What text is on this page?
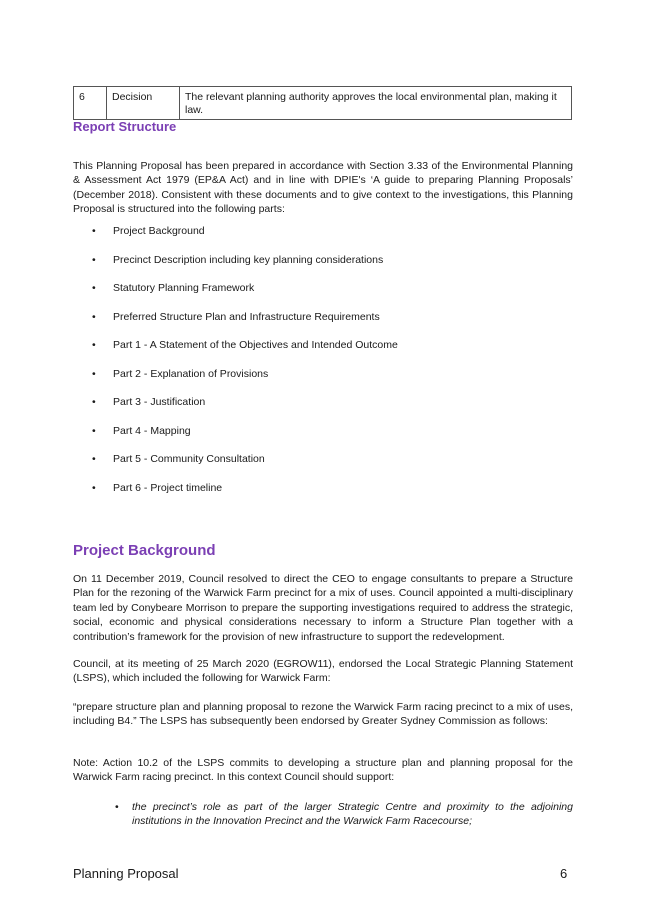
6	Decision	The relevant planning authority approves the local environmental plan, making it law.
Report Structure
This Planning Proposal has been prepared in accordance with Section 3.33 of the Environmental Planning & Assessment Act 1979 (EP&A Act) and in line with DPIE's ‘A guide to preparing Planning Proposals’ (December 2018). Consistent with these documents and to give context to the investigations, this Planning Proposal is structured into the following parts:
• Project Background
• Precinct Description including key planning considerations
• Statutory Planning Framework
• Preferred Structure Plan and Infrastructure Requirements
• Part 1 - A Statement of the Objectives and Intended Outcome
• Part 2 - Explanation of Provisions
• Part 3 - Justification
• Part 4 - Mapping
• Part 5 - Community Consultation
• Part 6 - Project timeline
Project Background
On 11 December 2019, Council resolved to direct the CEO to engage consultants to prepare a Structure Plan for the rezoning of the Warwick Farm precinct for a mix of uses. Council appointed a multi-disciplinary team led by Conybeare Morrison to prepare the supporting investigations required to address the strategic, social, economic and physical considerations necessary to inform a Structure Plan together with a contribution’s framework for the provision of new infrastructure to support the redevelopment.
Council, at its meeting of 25 March 2020 (EGROW11), endorsed the Local Strategic Planning Statement (LSPS), which included the following for Warwick Farm:
“prepare structure plan and planning proposal to rezone the Warwick Farm racing precinct to a mix of uses, including B4.” The LSPS has subsequently been endorsed by Greater Sydney Commission as follows:
Note: Action 10.2 of the LSPS commits to developing a structure plan and planning proposal for the Warwick Farm racing precinct. In this context Council should support:
• the precinct’s role as part of the larger Strategic Centre and proximity to the adjoining institutions in the Innovation Precinct and the Warwick Farm Racecourse;
Planning Proposal	6
